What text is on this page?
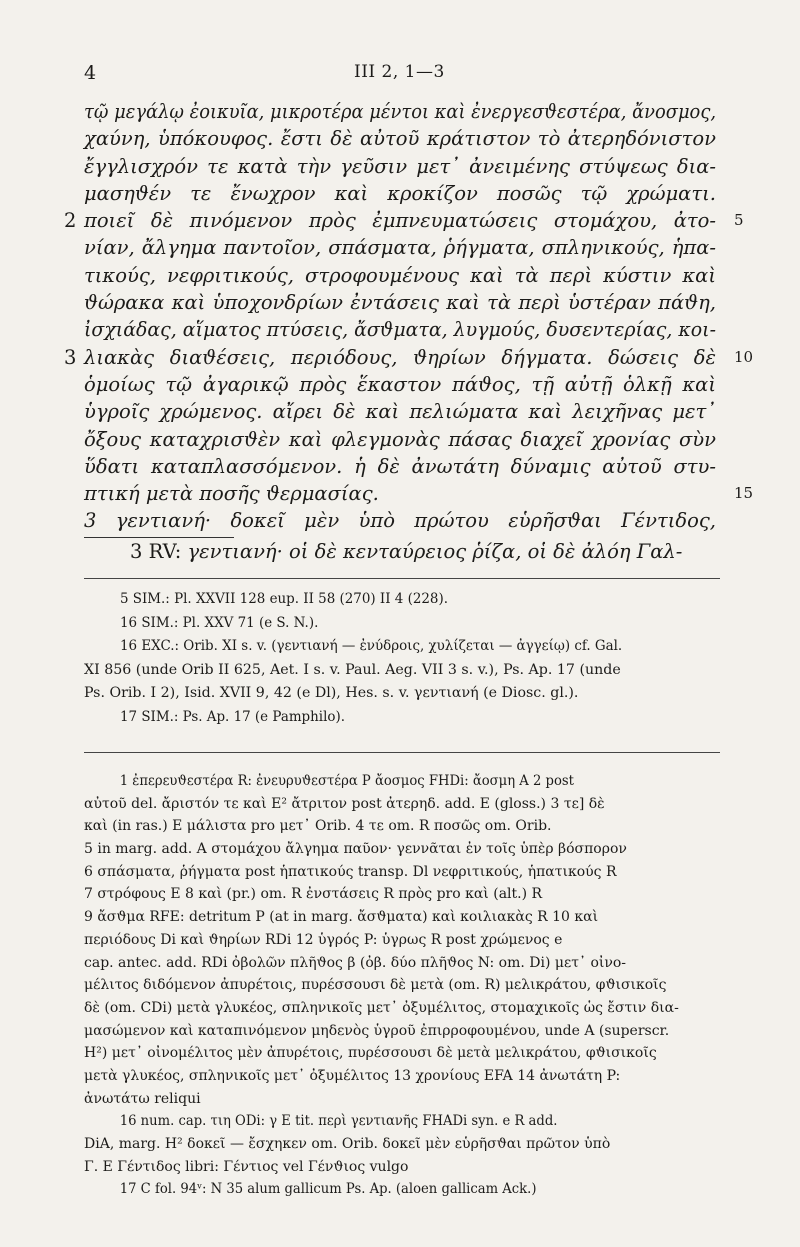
4	III 2, 1—3
τῷ μεγάλῳ ἐοικυῖα, μικροτέρα μέντοι καὶ ἐνεργεσϑεστέρα, ἄνοσμος,
χαύνη, ὑπόκουφος. ἔστι δὲ αὐτοῦ κράτιστον τὸ ἀτερηδόνιστον
ἔγγλισχρόν τε κατὰ τὴν γεῦσιν μετ᾽ ἀνειμένης στύψεως δια-
μασηϑέν τε ἔνωχρον καὶ κροκίζον ποσῶς τῷ χρώματι.
2 ποιεῖ δὲ πινόμενον πρὸς ἐμπνευματώσεις στομάχου, ἀτο- 5
νίαν, ἄλγημα παντοῖον, σπάσματα, ῥήγματα, σπληνικούς, ἡπα-
τικούς, νεφριτικούς, στροφουμένους καὶ τὰ περὶ κύστιν καὶ
ϑώρακα καὶ ὑποχονδρίων ἐντάσεις καὶ τὰ περὶ ὑστέραν πάϑη,
ἰσχιάδας, αἵματος πτύσεις, ἄσϑματα, λυγμούς, δυσεντερίας, κοι-
3 λιακὰς διαϑέσεις, περιόδους, ϑηρίων δήγματα. δώσεις δὲ 10
ὁμοίως τῷ ἀγαρικῷ πρὸς ἕκαστον πάϑος, τῇ αὐτῇ ὁλκῇ καὶ
ὑγροῖς χρώμενος. αἴρει δὲ καὶ πελιώματα καὶ λειχῆνας μετ᾽
ὄξους καταχρισϑὲν καὶ φλεγμονὰς πάσας διαχεῖ χρονίας σὺν
ὕδατι καταπλασσόμενον. ἡ δὲ ἀνωτάτη δύναμις αὐτοῦ στυ-
πτική μετὰ ποσῆς ϑερμασίας.	15
3 γεντιανή· δοκεῖ μὲν ὑπὸ πρώτου εὑρῆσϑαι Γέντιδος,
3 RV: γεντιανή· οἱ δὲ κενταύρειος ῥίζα, οἱ δὲ ἀλόη Γαλ-
5 SIM.: Pl. XXVII 128 eup. II 58 (270) II 4 (228).
16 SIM.: Pl. XXV 71 (e S. N.).
16 EXC.: Orib. XI s. v. (γεντιανή — ἐνύδροις, χυλίζεται — ἀγγείῳ) cf. Gal.
XI 856 (unde Orib II 625, Aet. I s. v. Paul. Aeg. VII 3 s. v.), Ps. Ap. 17 (unde
Ps. Orib. I 2), Isid. XVII 9, 42 (e Dl), Hes. s. v. γεντιανή (e Diosc. gl.).
17 SIM.: Ps. Ap. 17 (e Pamphilo).
1 ἐπερευϑεστέρα R: ἐνευρυϑεστέρα P ἄοσμος FHDi: ἄοσμη A 2 post
αὐτοῦ del. ἄριστόν τε καὶ E² ἄτριτον post ἀτερηδ. add. E (gloss.) 3 τε] δὲ
καὶ (in ras.) E μάλιστα pro μετ᾽ Orib. 4 τε om. R ποσῶς om. Orib.
5 in marg. add. A στομάχου ἄλγημα παῦον· γεννᾶται ἐν τοῖς ὑπὲρ βόσπορον
6 σπάσματα, ῥήγματα post ἡπατικούς transp. Dl νεφριτικούς, ἡπατικούς R
7 στρόφους E 8 καὶ (pr.) om. R ἐνστάσεις R πρὸς pro καὶ (alt.) R
9 ἄσϑμα RFE: detritum P (at in marg. ἄσϑματα) καὶ κοιλιακὰς R 10 καὶ
περιόδους Di καὶ ϑηρίων RDi 12 ὑγρός P: ὑγρως R post χρώμενος e
cap. antec. add. RDi ὀβολῶν πλῆϑος β (ὀβ. δύο πλῆϑος N: om. Di) μετ᾽ οἰνο-
μέλιτος διδόμενον ἀπυρέτοις, πυρέσσουσι δὲ μετὰ (om. R) μελικράτου, φϑισικοῖς
δὲ (om. CDi) μετὰ γλυκέος, σπληνικοῖς μετ᾽ ὀξυμέλιτος, στομαχικοῖς ὡς ἔστιν δια-
μασώμενον καὶ καταπινόμενον μηδενὸς ὑγροῦ ἐπιρροφουμένου, unde A (superscr.
H²) μετ᾽ οἰνομέλιτος μὲν ἀπυρέτοις, πυρέσσουσι δὲ μετὰ μελικράτου, φϑισικοῖς
μετὰ γλυκέος, σπληνικοῖς μετ᾽ ὀξυμέλιτος 13 χρονίους EFA 14 ἀνωτάτη P:
ἀνωτάτω reliqui
16 num. cap. τιη ODi: γ E tit. περὶ γεντιανῆς FHADi syn. e R add.
DiA, marg. H² δοκεῖ — ἔσχηκεν om. Orib. δοκεῖ μὲν εὑρῆσϑαι πρῶτον ὑπὸ
Γ. E Γέντιδος libri: Γέντιος vel Γένϑιος vulgo
17 C fol. 94ᵛ: N 35 alum gallicum Ps. Ap. (aloen gallicam Ack.)
